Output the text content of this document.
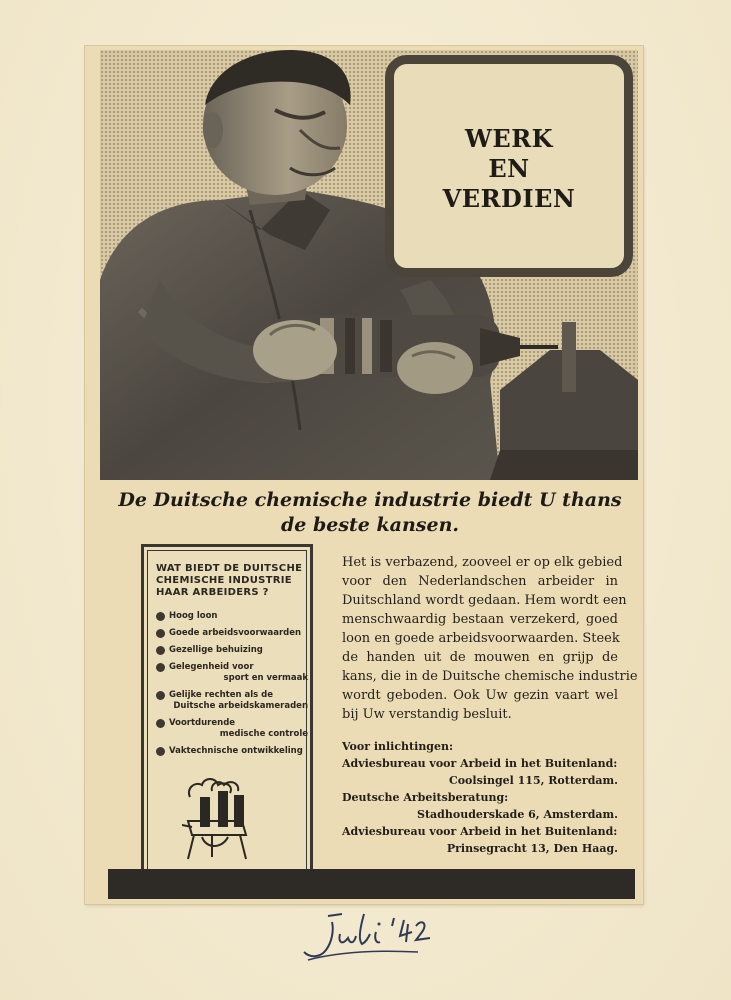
WERK
EN
VERDIEN
De Duitsche chemische industrie biedt U thans
de beste kansen.
WAT BIEDT DE DUITSCHE
CHEMISCHE INDUSTRIE
HAAR ARBEIDERS ?
Hoog loon
Goede arbeidsvoorwaarden
Gezellige behuizing
Gelegenheid voor
sport en vermaak
Gelijke rechten als de
Duitsche arbeidskameraden
Voortdurende
medische controle
Vaktechnische ontwikkeling
Het is verbazend, zooveel er op elk gebied
voor den Nederlandschen arbeider in
Duitschland wordt gedaan. Hem wordt een
menschwaardig bestaan verzekerd, goed
loon en goede arbeidsvoorwaarden. Steek
de handen uit de mouwen en grijp de
kans, die in de Duitsche chemische industrie
wordt geboden. Ook Uw gezin vaart wel
bij Uw verstandig besluit.
Voor inlichtingen:
Adviesbureau voor Arbeid in het Buitenland:
Coolsingel 115, Rotterdam.
Deutsche Arbeitsberatung:
Stadhouderskade 6, Amsterdam.
Adviesbureau voor Arbeid in het Buitenland:
Prinsegracht 13, Den Haag.
